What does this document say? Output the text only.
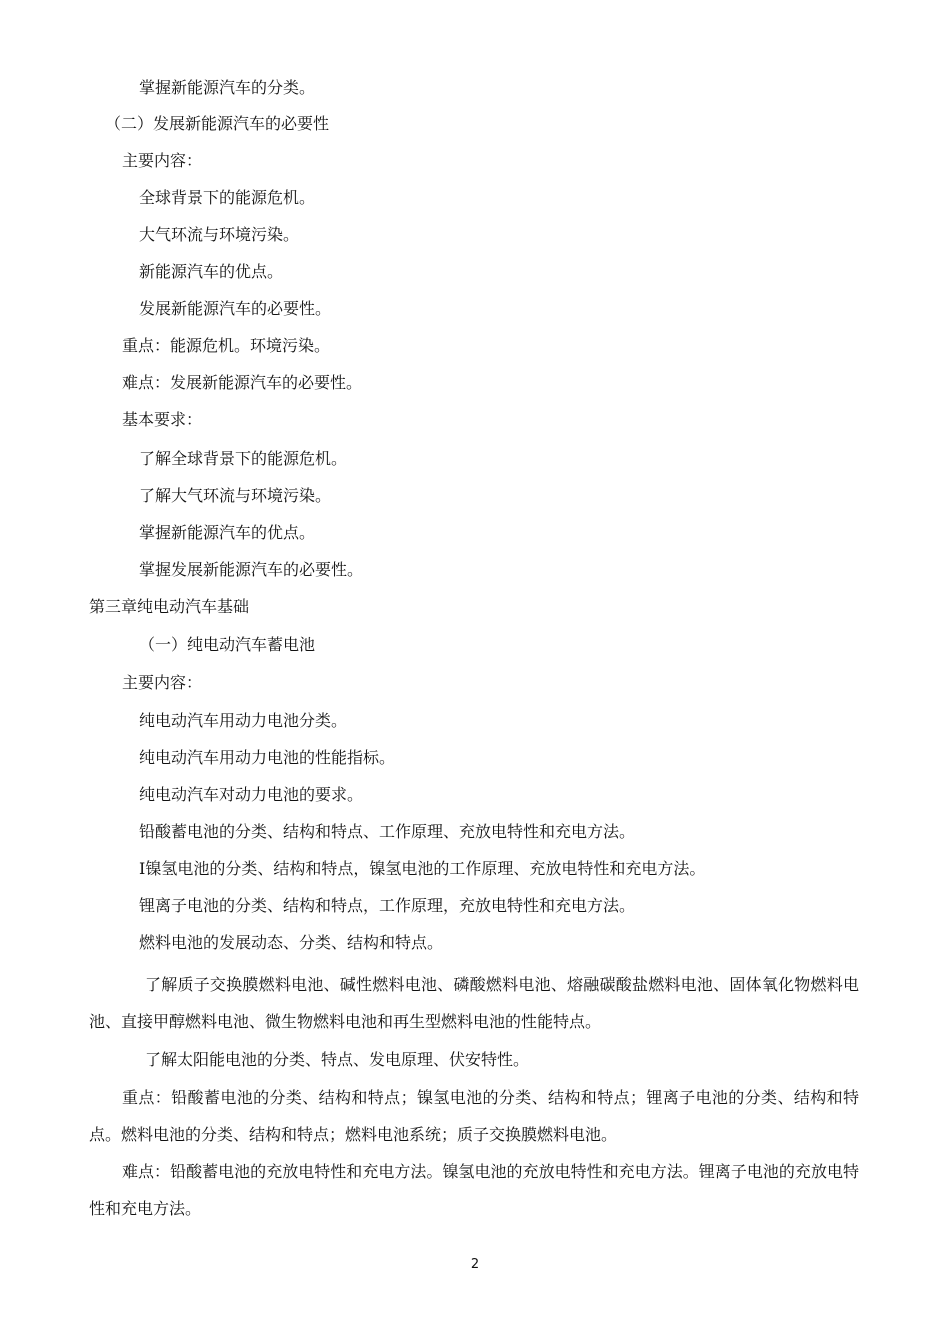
掌握新能源汽车的分类。
（二）发展新能源汽车的必要性
主要内容：
全球背景下的能源危机。
大气环流与环境污染。
新能源汽车的优点。
发展新能源汽车的必要性。
重点：能源危机。环境污染。
难点：发展新能源汽车的必要性。
基本要求：
了解全球背景下的能源危机。
了解大气环流与环境污染。
掌握新能源汽车的优点。
掌握发展新能源汽车的必要性。
第三章纯电动汽车基础
（一）纯电动汽车蓄电池
主要内容：
纯电动汽车用动力电池分类。
纯电动汽车用动力电池的性能指标。
纯电动汽车对动力电池的要求。
铅酸蓄电池的分类、结构和特点、工作原理、充放电特性和充电方法。
I镍氢电池的分类、结构和特点，镍氢电池的工作原理、充放电特性和充电方法。
锂离子电池的分类、结构和特点，工作原理，充放电特性和充电方法。
燃料电池的发展动态、分类、结构和特点。
了解质子交换膜燃料电池、碱性燃料电池、磷酸燃料电池、熔融碳酸盐燃料电池、固体氧化物燃料电池、直接甲醇燃料电池、微生物燃料电池和再生型燃料电池的性能特点。
了解太阳能电池的分类、特点、发电原理、伏安特性。
重点：铅酸蓄电池的分类、结构和特点；镍氢电池的分类、结构和特点；锂离子电池的分类、结构和特点。燃料电池的分类、结构和特点；燃料电池系统；质子交换膜燃料电池。
难点：铅酸蓄电池的充放电特性和充电方法。镍氢电池的充放电特性和充电方法。锂离子电池的充放电特性和充电方法。
2
